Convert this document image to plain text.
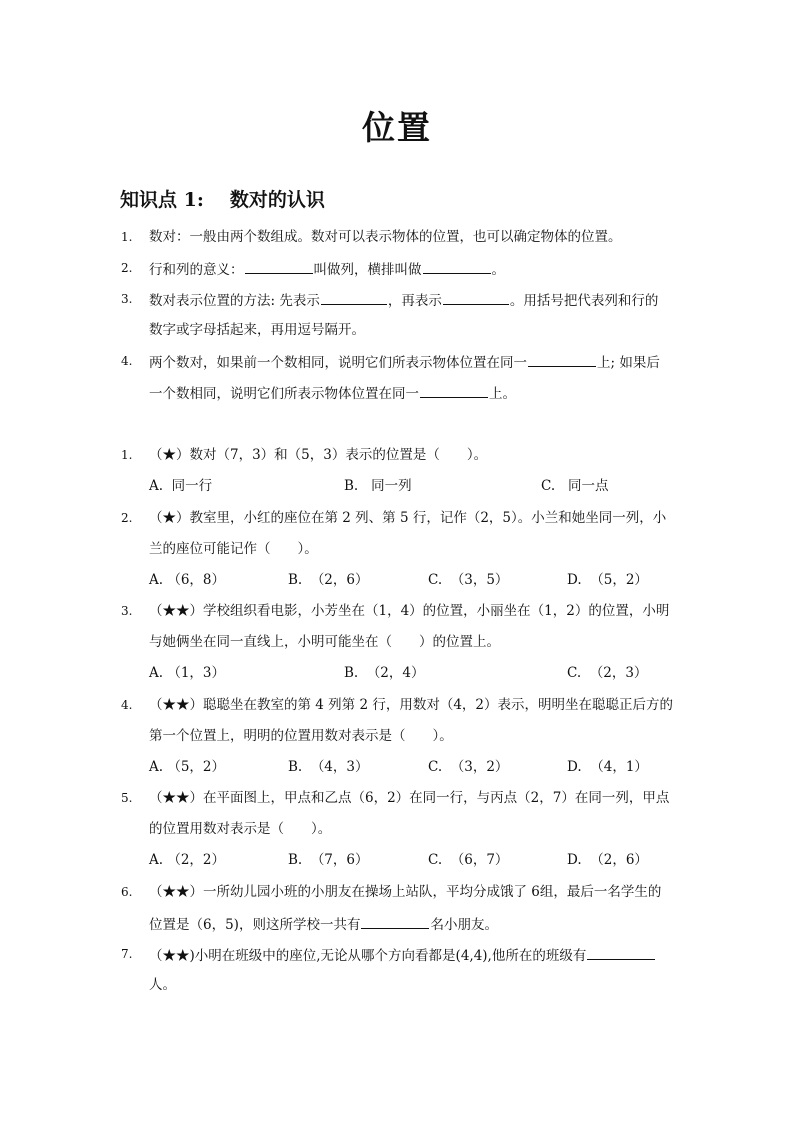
位置
知识点 1: 数对的认识
1. 数对：一般由两个数组成。数对可以表示物体的位置，也可以确定物体的位置。
2. 行和列的意义：	叫做列，横排叫做	。
3. 数对表示位置的方法: 先表示	，再表示	。用括号把代表列和行的
数字或字母括起来，再用逗号隔开。
4. 两个数对，如果前一个数相同，说明它们所表示物体位置在同一	上; 如果后
一个数相同，说明它们所表示物体位置在同一	上。
1. （★）数对（7，3）和（5，3）表示的位置是（　　）。
A. 同一行	B. 同一列	C. 同一点
2. （★）教室里，小红的座位在第 2 列、第 5 行，记作（2，5）。小兰和她坐同一列，小
兰的座位可能记作（　　）。
A. （6，8）	B. （2，6）	C. （3，5）	D. （5，2）
3. （★★）学校组织看电影，小芳坐在（1，4）的位置，小丽坐在（1，2）的位置，小明
与她俩坐在同一直线上，小明可能坐在（　　）的位置上。
A. （1，3）	B. （2，4）	C. （2，3）
4. （★★）聪聪坐在教室的第 4 列第 2 行，用数对（4，2）表示，明明坐在聪聪正后方的
第一个位置上，明明的位置用数对表示是（　　）。
A. （5，2）	B. （4，3）	C. （3，2）	D. （4，1）
5. （★★）在平面图上，甲点和乙点（6，2）在同一行，与丙点（2，7）在同一列，甲点
的位置用数对表示是（　　）。
A. （2，2）	B. （7，6）	C. （6，7）	D. （2，6）
6. （★★）一所幼儿园小班的小朋友在操场上站队，平均分成饿了 6组，最后一名学生的
位置是（6，5)，则这所学校一共有	名小朋友。
7. （★★)小明在班级中的座位,无论从哪个方向看都是(4,4),他所在的班级有
人。
